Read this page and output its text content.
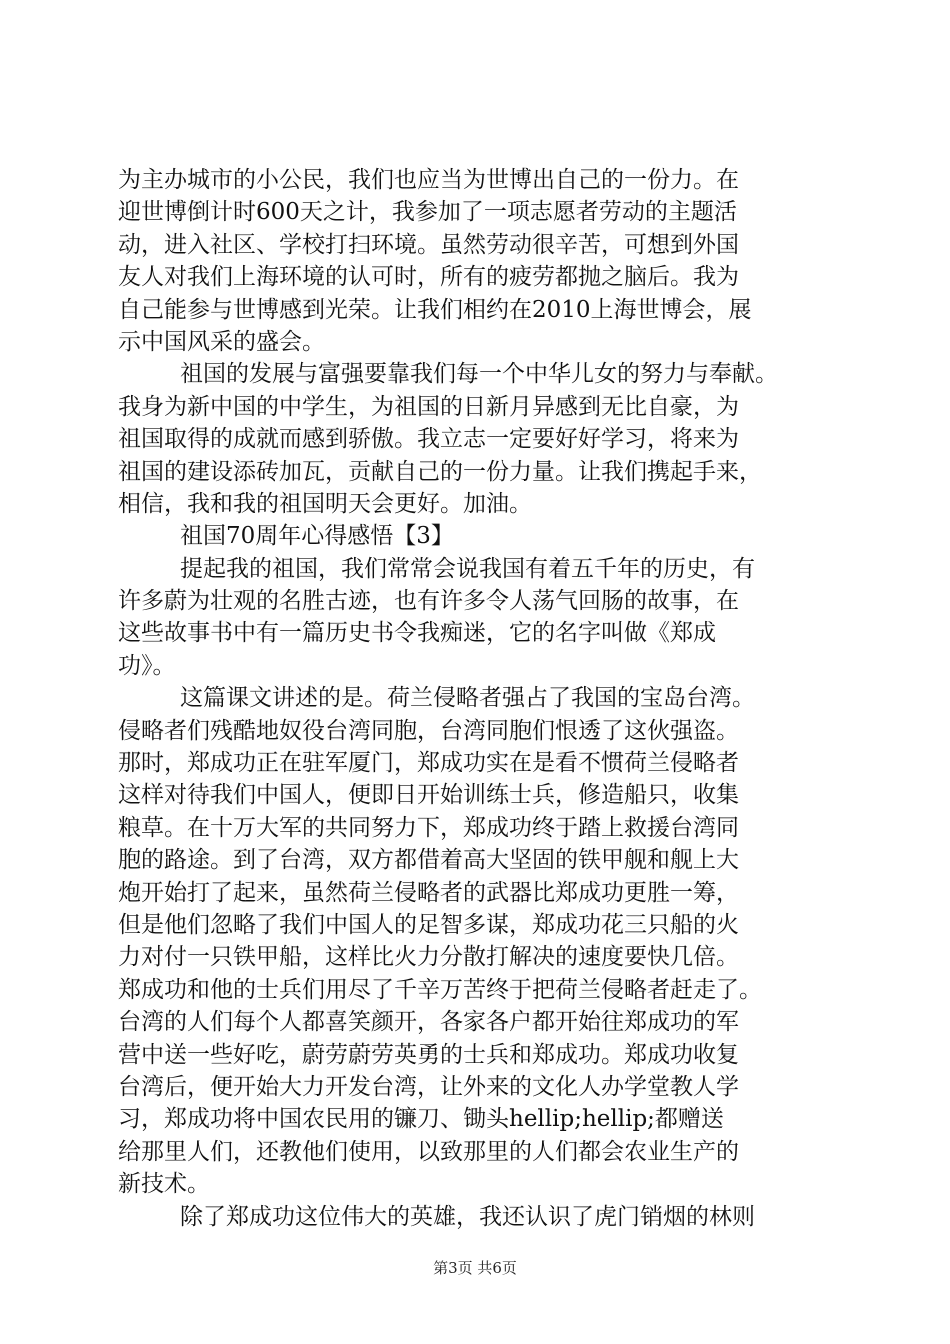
为主办城市的小公民，我们也应当为世博出自己的一份力。在
迎世博倒计时600天之计，我参加了一项志愿者劳动的主题活
动，进入社区、学校打扫环境。虽然劳动很辛苦，可想到外国
友人对我们上海环境的认可时，所有的疲劳都抛之脑后。我为
自己能参与世博感到光荣。让我们相约在2010上海世博会，展
示中国风采的盛会。
祖国的发展与富强要靠我们每一个中华儿女的努力与奉献。
我身为新中国的中学生，为祖国的日新月异感到无比自豪，为
祖国取得的成就而感到骄傲。我立志一定要好好学习，将来为
祖国的建设添砖加瓦，贡献自己的一份力量。让我们携起手来，
相信，我和我的祖国明天会更好。加油。
祖国70周年心得感悟【3】
提起我的祖国，我们常常会说我国有着五千年的历史，有
许多蔚为壮观的名胜古迹，也有许多令人荡气回肠的故事，在
这些故事书中有一篇历史书令我痴迷，它的名字叫做《郑成
功》。
这篇课文讲述的是。荷兰侵略者强占了我国的宝岛台湾。
侵略者们残酷地奴役台湾同胞，台湾同胞们恨透了这伙强盗。
那时，郑成功正在驻军厦门，郑成功实在是看不惯荷兰侵略者
这样对待我们中国人，便即日开始训练士兵，修造船只，收集
粮草。在十万大军的共同努力下，郑成功终于踏上救援台湾同
胞的路途。到了台湾，双方都借着高大坚固的铁甲舰和舰上大
炮开始打了起来，虽然荷兰侵略者的武器比郑成功更胜一筹，
但是他们忽略了我们中国人的足智多谋，郑成功花三只船的火
力对付一只铁甲船，这样比火力分散打解决的速度要快几倍。
郑成功和他的士兵们用尽了千辛万苦终于把荷兰侵略者赶走了。
台湾的人们每个人都喜笑颜开，各家各户都开始往郑成功的军
营中送一些好吃，蔚劳蔚劳英勇的士兵和郑成功。郑成功收复
台湾后，便开始大力开发台湾，让外来的文化人办学堂教人学
习，郑成功将中国农民用的镰刀、锄头hellip;hellip;都赠送
给那里人们，还教他们使用，以致那里的人们都会农业生产的
新技术。
除了郑成功这位伟大的英雄，我还认识了虎门销烟的林则
第3页 共6页
